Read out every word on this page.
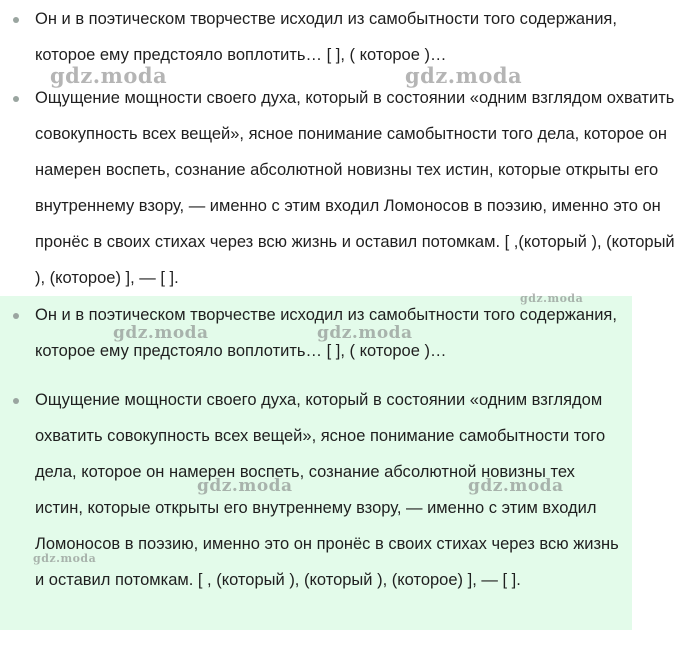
Он и в поэтическом творчестве исходил из самобытности того содержания, которое ему предстояло воплотить… [ ], ( которое )…
Ощущение мощности своего духа, который в состоянии «одним взглядом охватить совокупность всех вещей», ясное понимание самобытности того дела, которое он намерен воспеть, сознание абсолютной новизны тех истин, которые открыты его внутреннему взору, — именно с этим входил Ломоносов в поэзию, именно это он пронёс в своих стихах через всю жизнь и оставил потомкам. [ ,(который ), (который ), (которое) ], — [ ].
Он и в поэтическом творчестве исходил из самобытности того содержания, которое ему предстояло воплотить… [ ], ( которое )…
Ощущение мощности своего духа, который в состоянии «одним взглядом охватить совокупность всех вещей», ясное понимание самобытности того дела, которое он намерен воспеть, сознание абсолютной новизны тех истин, которые открыты его внутреннему взору, — именно с этим входил Ломоносов в поэзию, именно это он пронёс в своих стихах через всю жизнь и оставил потомкам. [ , (который ), (который ), (которое) ], — [ ].
gdz.moda	gdz.moda
gdz.moda
gdz.moda	gdz.moda
gdz.moda	gdz.moda
gdz.moda
